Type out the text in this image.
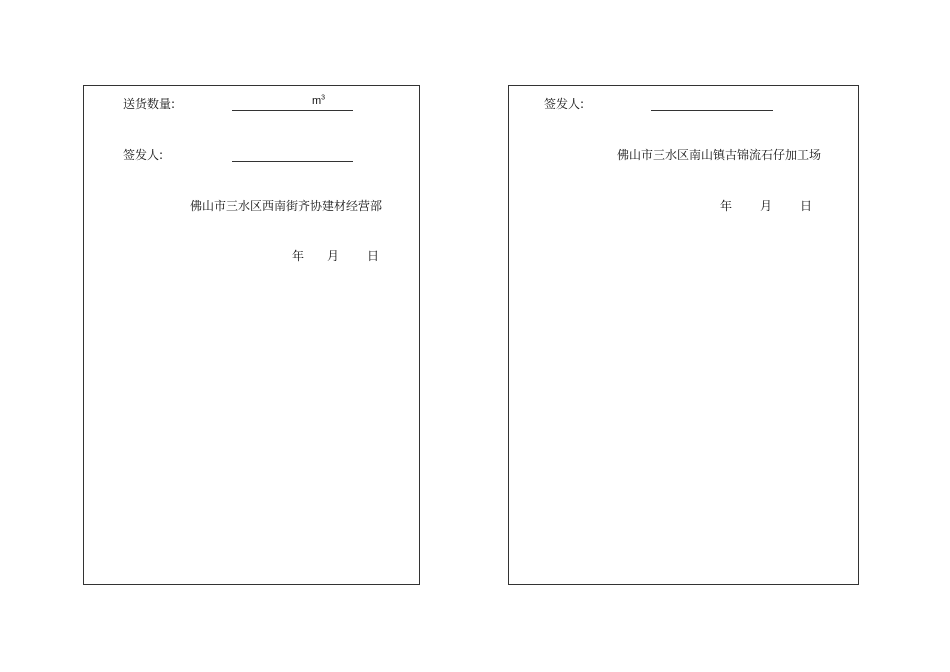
送货数量:	$m^3$
签发人:
佛山市三水区西南街齐协建材经营部
年 月 日
签发人:
佛山市三水区南山镇古锦流石仔加工场
年 月 日
